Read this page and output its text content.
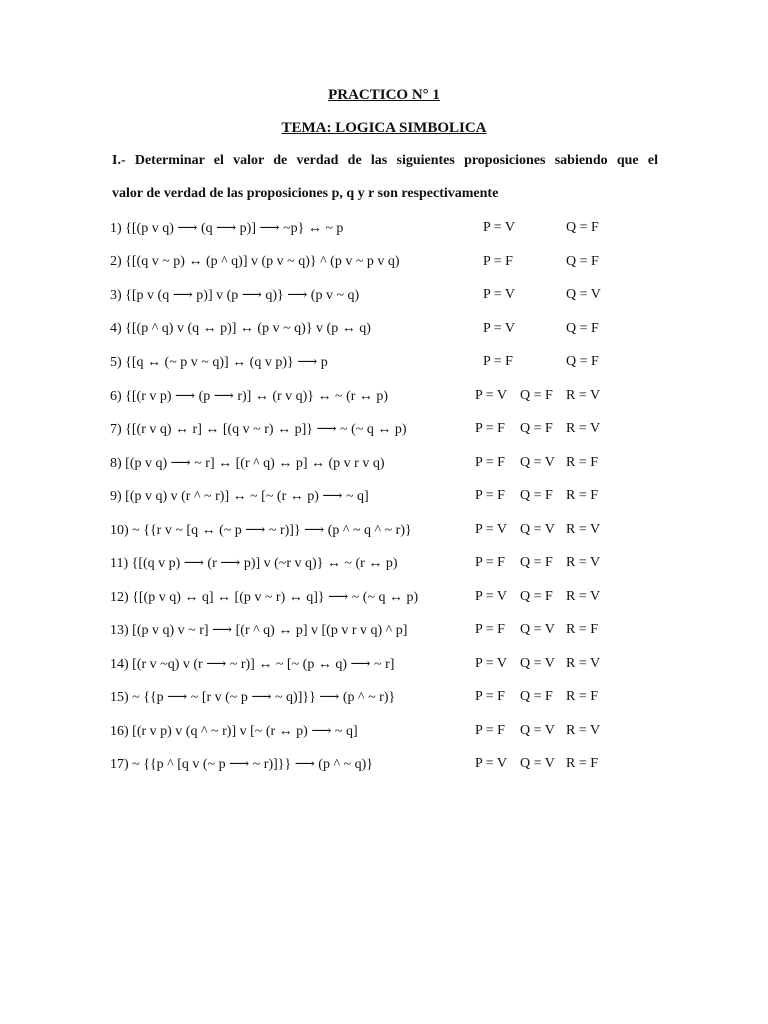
PRACTICO N° 1
TEMA: LOGICA SIMBOLICA
I.- Determinar el valor de verdad de las siguientes proposiciones sabiendo que el
valor de verdad de las proposiciones p, q y r son respectivamente
1) {[(p v q) ⟶ (q ⟶ p)] ⟶ ~p} ↔ ~ p	P = V	Q = F
2) {[(q v ~ p) ↔ (p ^ q)] v (p v ~ q)} ^ (p v ~ p v q)	P = F	Q = F
3) {[p v (q ⟶ p)] v (p ⟶ q)} ⟶ (p v ~ q)	P = V	Q = V
4) {[(p ^ q) v (q ↔ p)] ↔ (p v ~ q)} v (p ↔ q)	P = V	Q = F
5) {[q ↔ (~ p v ~ q)] ↔ (q v p)} ⟶ p	P = F	Q = F
6) {[(r v p) ⟶ (p ⟶ r)] ↔ (r v q)} ↔ ~ (r ↔ p)	P = V Q = F R = V
7) {[(r v q) ↔ r] ↔ [(q v ~ r) ↔ p]} ⟶ ~ (~ q ↔ p)	P = F Q = F R = V
8) [(p v q) ⟶ ~ r] ↔ [(r ^ q) ↔ p] ↔ (p v r v q)	P = F Q = V R = F
9) [(p v q) v (r ^ ~ r)] ↔ ~ [~ (r ↔ p) ⟶ ~ q]	P = F Q = F R = F
10) ~ {{r v ~ [q ↔ (~ p ⟶ ~ r)]} ⟶ (p ^ ~ q ^ ~ r)}	P = V Q = V R = V
11) {[(q v p) ⟶ (r ⟶ p)] v (~r v q)} ↔ ~ (r ↔ p)	P = F Q = F R = V
12) {[(p v q) ↔ q] ↔ [(p v ~ r) ↔ q]} ⟶ ~ (~ q ↔ p)	P = V Q = F R = V
13) [(p v q) v ~ r] ⟶ [(r ^ q) ↔ p] v [(p v r v q) ^ p]	P = F Q = V R = F
14) [(r v ~q) v (r ⟶ ~ r)] ↔ ~ [~ (p ↔ q) ⟶ ~ r]	P = V Q = V R = V
15) ~ {{p ⟶ ~ [r v (~ p ⟶ ~ q)]}} ⟶ (p ^ ~ r)}	P = F Q = F R = F
16) [(r v p) v (q ^ ~ r)] v [~ (r ↔ p) ⟶ ~ q]	P = F Q = V R = V
17) ~ {{p ^ [q v (~ p ⟶ ~ r)]}} ⟶ (p ^ ~ q)}	P = V Q = V R = F
